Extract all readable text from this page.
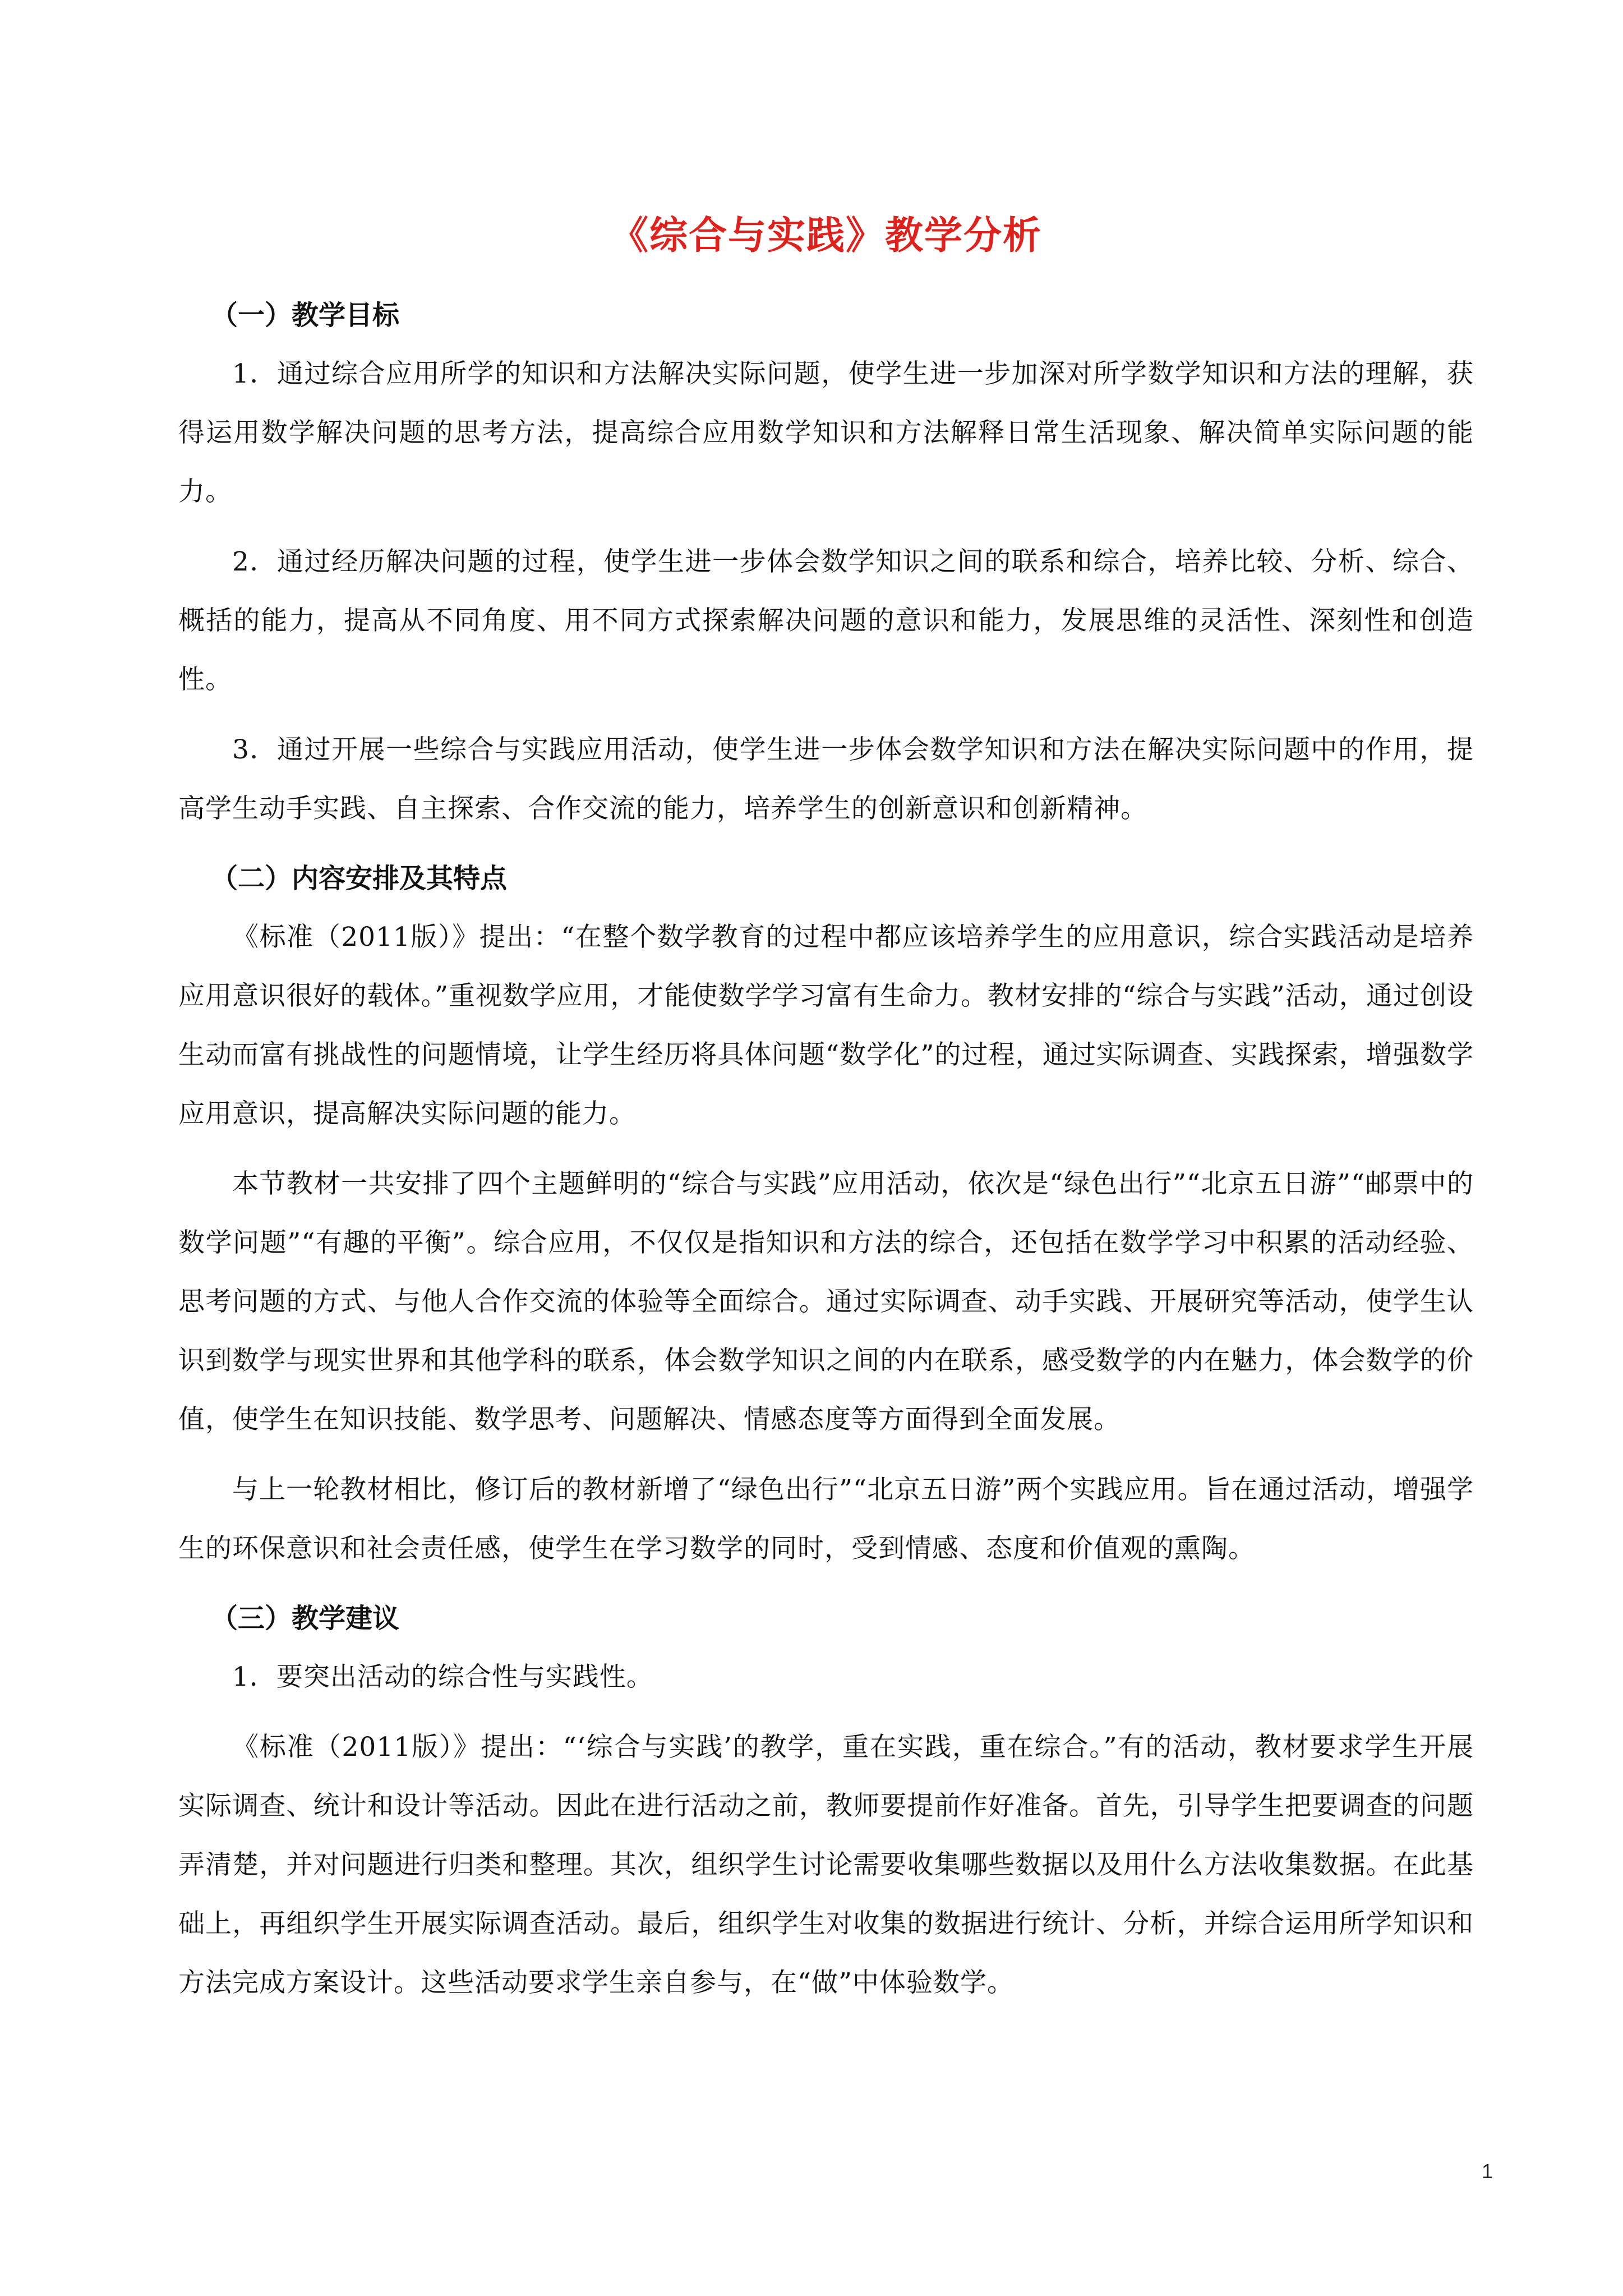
《综合与实践》教学分析
（一）教学目标

1．通过综合应用所学的知识和方法解决实际问题，使学生进一步加深对所学数学知识和方法的理解，获得运用数学解决问题的思考方法，提高综合应用数学知识和方法解释日常生活现象、解决简单实际问题的能力。

2．通过经历解决问题的过程，使学生进一步体会数学知识之间的联系和综合，培养比较、分析、综合、概括的能力，提高从不同角度、用不同方式探索解决问题的意识和能力，发展思维的灵活性、深刻性和创造性。

3．通过开展一些综合与实践应用活动，使学生进一步体会数学知识和方法在解决实际问题中的作用，提高学生动手实践、自主探索、合作交流的能力，培养学生的创新意识和创新精神。

（二）内容安排及其特点

《标准（2011版）》提出：“在整个数学教育的过程中都应该培养学生的应用意识，综合实践活动是培养应用意识很好的载体。”重视数学应用，才能使数学学习富有生命力。教材安排的“综合与实践”活动，通过创设生动而富有挑战性的问题情境，让学生经历将具体问题“数学化”的过程，通过实际调查、实践探索，增强数学应用意识，提高解决实际问题的能力。

本节教材一共安排了四个主题鲜明的“综合与实践”应用活动，依次是“绿色出行”“北京五日游”“邮票中的数学问题”“有趣的平衡”。综合应用，不仅仅是指知识和方法的综合，还包括在数学学习中积累的活动经验、思考问题的方式、与他人合作交流的体验等全面综合。通过实际调查、动手实践、开展研究等活动，使学生认识到数学与现实世界和其他学科的联系，体会数学知识之间的内在联系，感受数学的内在魅力，体会数学的价值，使学生在知识技能、数学思考、问题解决、情感态度等方面得到全面发展。

与上一轮教材相比，修订后的教材新增了“绿色出行”“北京五日游”两个实践应用。旨在通过活动，增强学生的环保意识和社会责任感，使学生在学习数学的同时，受到情感、态度和价值观的熏陶。

（三）教学建议

1．要突出活动的综合性与实践性。

《标准（2011版）》提出：“‘综合与实践’的教学，重在实践，重在综合。”有的活动，教材要求学生开展实际调查、统计和设计等活动。因此在进行活动之前，教师要提前作好准备。首先，引导学生把要调查的问题弄清楚，并对问题进行归类和整理。其次，组织学生讨论需要收集哪些数据以及用什么方法收集数据。在此基础上，再组织学生开展实际调查活动。最后，组织学生对收集的数据进行统计、分析，并综合运用所学知识和方法完成方案设计。这些活动要求学生亲自参与，在“做”中体验数学。

1
